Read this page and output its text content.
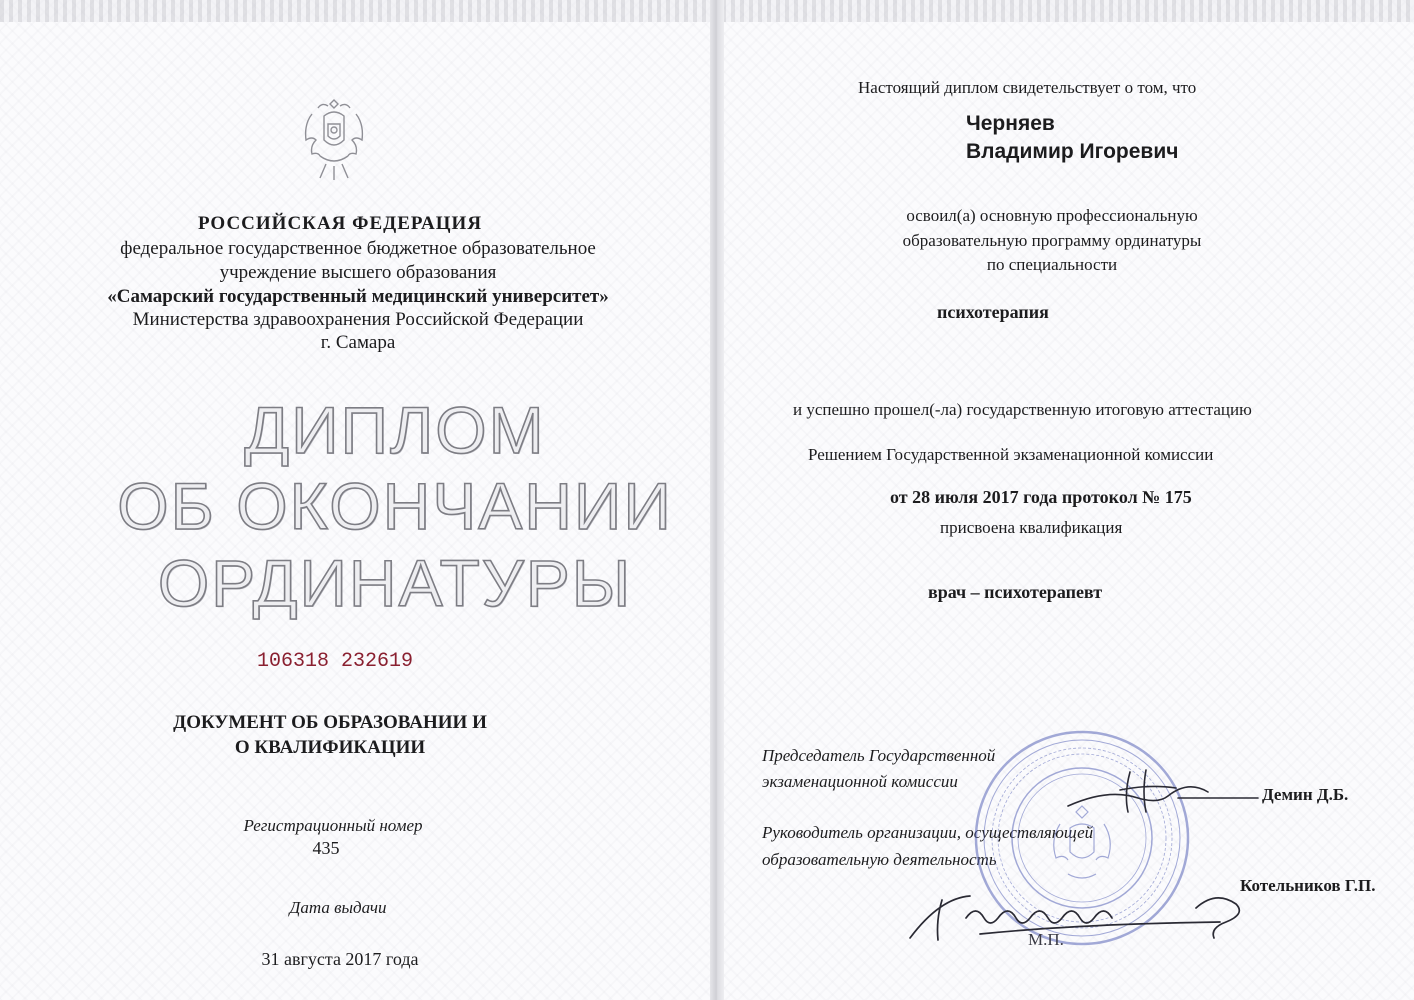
РОССИЙСКАЯ ФЕДЕРАЦИЯ
федеральное государственное бюджетное образовательное
учреждение высшего образования
«Самарский государственный медицинский университет»
Министерства здравоохранения Российской Федерации
г. Самара
ДИПЛОМ
ОБ ОКОНЧАНИИ
ОРДИНАТУРЫ
106318 232619
ДОКУМЕНТ ОБ ОБРАЗОВАНИИ И
О КВАЛИФИКАЦИИ
Регистрационный номер
435
Дата выдачи
31 августа 2017 года
Настоящий диплом свидетельствует о том, что
Черняев
Владимир Игоревич
освоил(а) основную профессиональную
образовательную программу ординатуры
по специальности
психотерапия
и успешно прошел(-ла) государственную итоговую аттестацию
Решением Государственной экзаменационной комиссии
от 28 июля 2017 года протокол № 175
присвоена квалификация
врач – психотерапевт
Председатель Государственной
экзаменационной комиссии
Демин Д.Б.
Руководитель организации, осуществляющей
образовательную деятельность
Котельников Г.П.
М.П.
